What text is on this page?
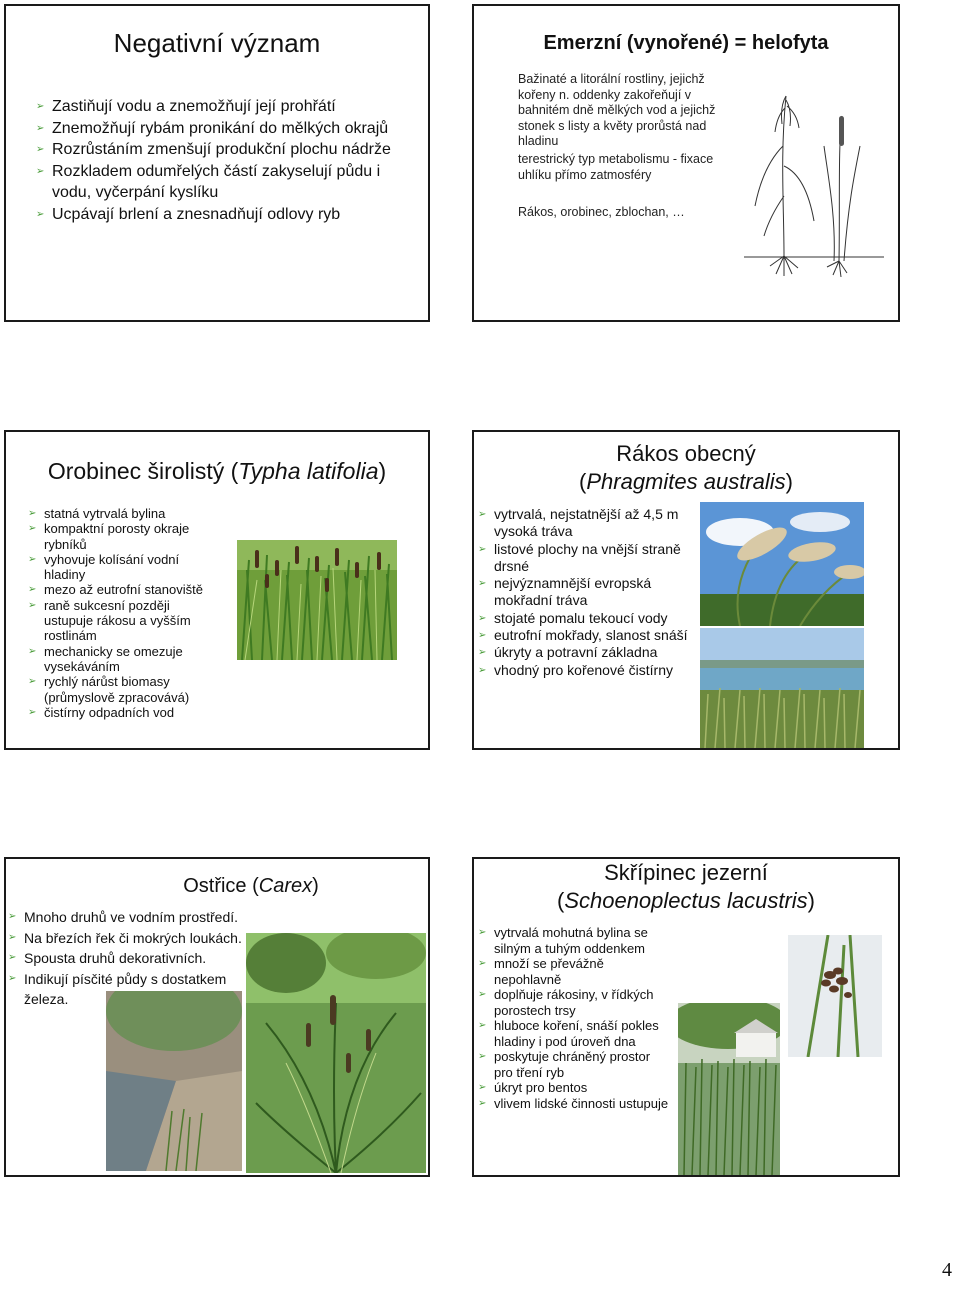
Negativní význam
➢ Zastiňují vodu a znemožňují její prohřátí
➢ Znemožňují rybám pronikání do mělkých okrajů
➢ Rozrůstáním zmenšují produkční plochu nádrže
➢ Rozkladem odumřelých částí zakyselují půdu i vodu, vyčerpání kyslíku
➢ Ucpávají brlení a znesnadňují odlovy ryb
Emerzní (vynořené) = helofyta
Bažinaté a litorální rostliny, jejichž kořeny n. oddenky zakořeňují v bahnitém dně mělkých vod a jejichž stonek s listy a květy prorůstá nad hladinu
terestrický typ metabolismu - fixace uhlíku přímo zatmosféry
Rákos, orobinec, zblochan, …
Orobinec širolistý (Typha latifolia)
➢ statná vytrvalá bylina
➢ kompaktní porosty okraje rybníků
➢ vyhovuje kolísání vodní hladiny
➢ mezo až eutrofní stanoviště
➢ raně sukcesní později ustupuje rákosu a vyšším rostlinám
➢ mechanicky se omezuje vysekáváním
➢ rychlý nárůst biomasy (průmyslově zpracovává)
➢ čistírny odpadních vod
Rákos obecný
(Phragmites australis)
➢ vytrvalá, nejstatnější až 4,5 m vysoká tráva
➢ listové plochy na vnější straně drsné
➢ nejvýznamnější evropská mokřadní tráva
➢ stojaté pomalu tekoucí vody
➢ eutrofní mokřady, slanost snáší
➢ úkryty a potravní základna
➢ vhodný pro kořenové čistírny
Ostřice (Carex)
➢ Mnoho druhů ve vodním prostředí.
➢ Na březích řek či mokrých loukách.
➢ Spousta druhů dekorativních.
➢ Indikují písčité půdy s dostatkem železa.
Skřípinec jezerní
(Schoenoplectus lacustris)
➢ vytrvalá mohutná bylina se silným a tuhým oddenkem
➢ množí se převážně nepohlavně
➢ doplňuje rákosiny, v řídkých porostech trsy
➢ hluboce koření, snáší pokles hladiny i pod úroveň dna
➢ poskytuje chráněný prostor pro tření ryb
➢ úkryt pro bentos
➢ vlivem lidské činnosti ustupuje
4
